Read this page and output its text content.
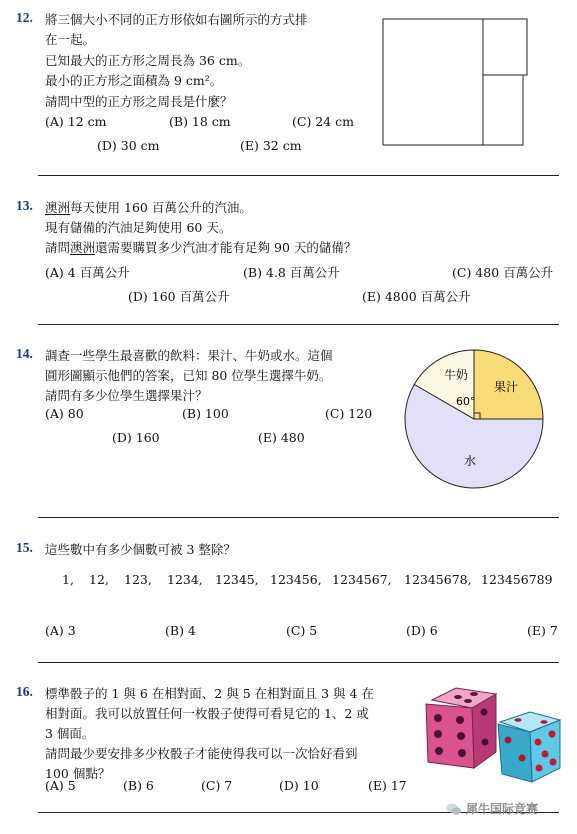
12. 將三個大小不同的正方形依如右圖所示的方式排
在一起。
已知最大的正方形之周長為 36 cm。
最小的正方形之面積為 9 cm²。
請問中型的正方形之周長是什麼？
(A) 12 cm	(B) 18 cm	(C) 24 cm
(D) 30 cm	(E) 32 cm
13. 澳洲每天使用 160 百萬公升的汽油。
現有儲備的汽油足夠使用 60 天。
請問澳洲還需要購買多少汽油才能有足夠 90 天的儲備？
(A) 4 百萬公升	(B) 4.8 百萬公升	(C) 480 百萬公升
(D) 160 百萬公升	(E) 4800 百萬公升
14. 調查一些學生最喜歡的飲料：果汁、牛奶或水。這個
圓形圖顯示他們的答案，已知 80 位學生選擇牛奶。
請問有多少位學生選擇果汁？
(A) 80	(B) 100	(C) 120
(D) 160	(E) 480
牛奶
果汁
水
60°
15. 這些數中有多少個數可被 3 整除？
1, 12, 123, 1234, 12345, 123456, 1234567, 12345678, 123456789
(A) 3	(B) 4	(C) 5	(D) 6	(E) 7
16. 標準骰子的 1 與 6 在相對面、2 與 5 在相對面且 3 與 4 在
相對面。我可以放置任何一枚骰子使得可看見它的 1、2 或
3 個面。
請問最少要安排多少枚骰子才能使得我可以一次恰好看到
100 個點？
(A) 5	(B) 6	(C) 7	(D) 10	(E) 17
犀牛国际竞赛
